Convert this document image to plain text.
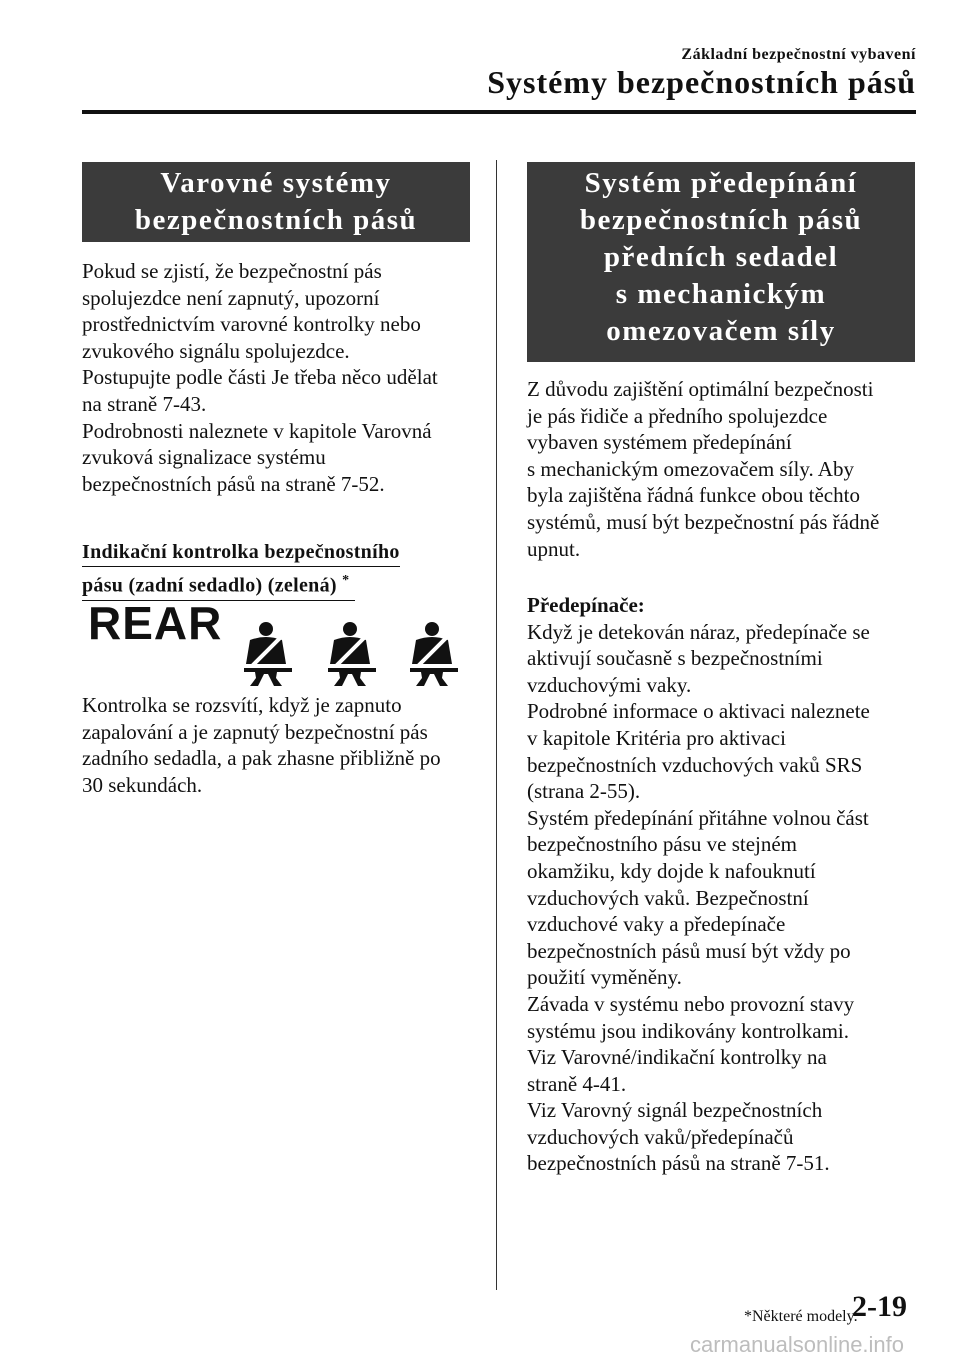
Základní bezpečnostní vybavení
Systémy bezpečnostních pásů
Varovné systémy
bezpečnostních pásů

Pokud se zjistí, že bezpečnostní pás

spolujezdce není zapnutý, upozorní

prostřednictvím varovné kontrolky nebo

zvukového signálu spolujezdce.

Postupujte podle části Je třeba něco udělat

na straně 7-43.

Podrobnosti naleznete v kapitole Varovná

zvuková signalizace systému

bezpečnostních pásů na straně 7-52.

Indikační kontrolka bezpečnostního
pásu (zadní sedadlo) (zelená) *
REAR

Kontrolka se rozsvítí, když je zapnuto

zapalování a je zapnutý bezpečnostní pás

zadního sedadla, a pak zhasne přibližně po

30 sekundách.

Systém předepínání
bezpečnostních pásů
předních sedadel
s mechanickým
omezovačem síly

Z důvodu zajištění optimální bezpečnosti

je pás řidiče a předního spolujezdce

vybaven systémem předepínání

s mechanickým omezovačem síly. Aby

byla zajištěna řádná funkce obou těchto

systémů, musí být bezpečnostní pás řádně

upnut.

Předepínače:

Když je detekován náraz, předepínače se

aktivují současně s bezpečnostními

vzduchovými vaky.

Podrobné informace o aktivaci naleznete

v kapitole Kritéria pro aktivaci

bezpečnostních vzduchových vaků SRS

(strana 2-55).

Systém předepínání přitáhne volnou část

bezpečnostního pásu ve stejném

okamžiku, kdy dojde k nafouknutí

vzduchových vaků. Bezpečnostní

vzduchové vaky a předepínače

bezpečnostních pásů musí být vždy po

použití vyměněny.

Závada v systému nebo provozní stavy

systému jsou indikovány kontrolkami.

Viz Varovné/indikační kontrolky na

straně 4-41.

Viz Varovný signál bezpečnostních

vzduchových vaků/předepínačů

bezpečnostních pásů na straně 7-51.

*Některé modely.
2-19
carmanualsonline.info
